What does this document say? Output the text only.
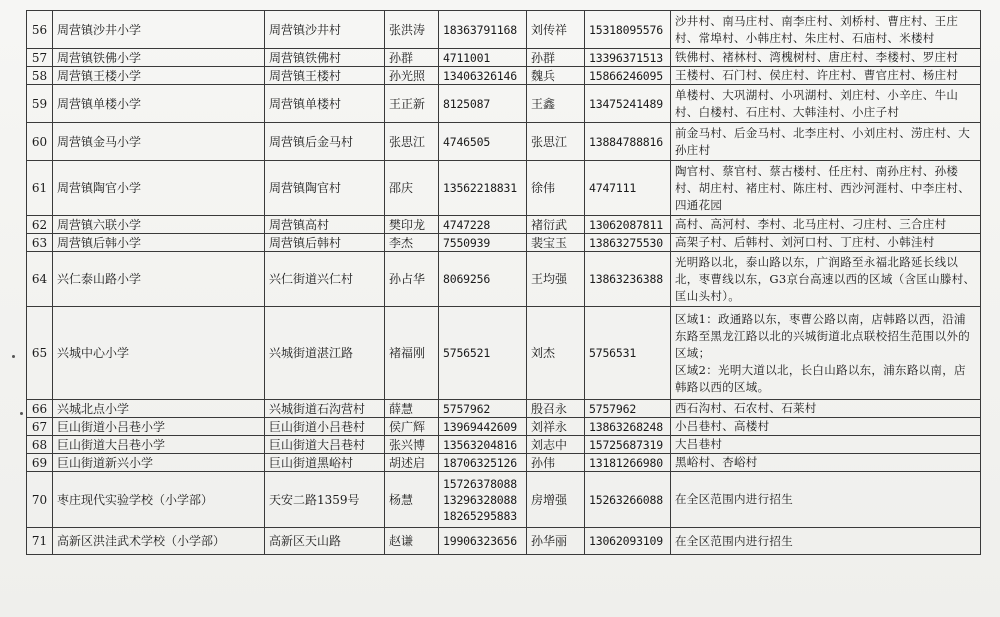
56	周营镇沙井小学	周营镇沙井村	张洪涛	18363791168	刘传祥	15318095576	沙井村、南马庄村、南李庄村、刘桥村、曹庄村、王庄村、常埠村、小韩庄村、朱庄村、石庙村、米楼村
57	周营镇铁佛小学	周营镇铁佛村	孙群	4711001	孙群	13396371513	铁佛村、褚林村、湾槐树村、唐庄村、李楼村、罗庄村
58	周营镇王楼小学	周营镇王楼村	孙光照	13406326146	魏兵	15866246095	王楼村、石门村、侯庄村、许庄村、曹官庄村、杨庄村
59	周营镇单楼小学	周营镇单楼村	王正新	8125087	王鑫	13475241489	单楼村、大巩湖村、小巩湖村、刘庄村、小辛庄、牛山村、白楼村、石庄村、大韩洼村、小庄子村
60	周营镇金马小学	周营镇后金马村	张思江	4746505	张思江	13884788816	前金马村、后金马村、北李庄村、小刘庄村、涝庄村、大孙庄村
61	周营镇陶官小学	周营镇陶官村	邵庆	13562218831	徐伟	4747111	陶官村、蔡官村、蔡古楼村、任庄村、南孙庄村、孙楼村、胡庄村、褚庄村、陈庄村、西沙河涯村、中李庄村、四通花园
62	周营镇六联小学	周营镇高村	樊印龙	4747228	褚衍武	13062087811	高村、高河村、李村、北马庄村、刁庄村、三合庄村
63	周营镇后韩小学	周营镇后韩村	李杰	7550939	裴宝玉	13863275530	高架子村、后韩村、刘河口村、丁庄村、小韩洼村
64	兴仁泰山路小学	兴仁街道兴仁村	孙占华	8069256	王均强	13863236388	光明路以北，泰山路以东，广润路至永福北路延长线以北，枣曹线以东，G3京台高速以西的区域（含匡山滕村、匡山头村）。
65	兴城中心小学	兴城街道湛江路	褚福刚	5756521	刘杰	5756531	区域1：政通路以东，枣曹公路以南，店韩路以西，沿浦东路至黑龙江路以北的兴城街道北点联校招生范围以外的区域；
区域2：光明大道以北，长白山路以东，浦东路以南，店韩路以西的区域。
66	兴城北点小学	兴城街道石沟营村	薛慧	5757962	殷召永	5757962	西石沟村、石农村、石莱村
67	巨山街道小吕巷小学	巨山街道小吕巷村	侯广辉	13969442609	刘祥永	13863268248	小吕巷村、高楼村
68	巨山街道大吕巷小学	巨山街道大吕巷村	张兴博	13563204816	刘志中	15725687319	大吕巷村
69	巨山街道新兴小学	巨山街道黑峪村	胡述启	18706325126	孙伟	13181266980	黑峪村、杏峪村
70	枣庄现代实验学校（小学部）	天安二路1359号	杨慧	15726378088
13296328088
18265295883	房增强	15263266088	在全区范围内进行招生
71	高新区洪洼武术学校（小学部）	高新区天山路	赵谦	19906323656	孙华丽	13062093109	在全区范围内进行招生
